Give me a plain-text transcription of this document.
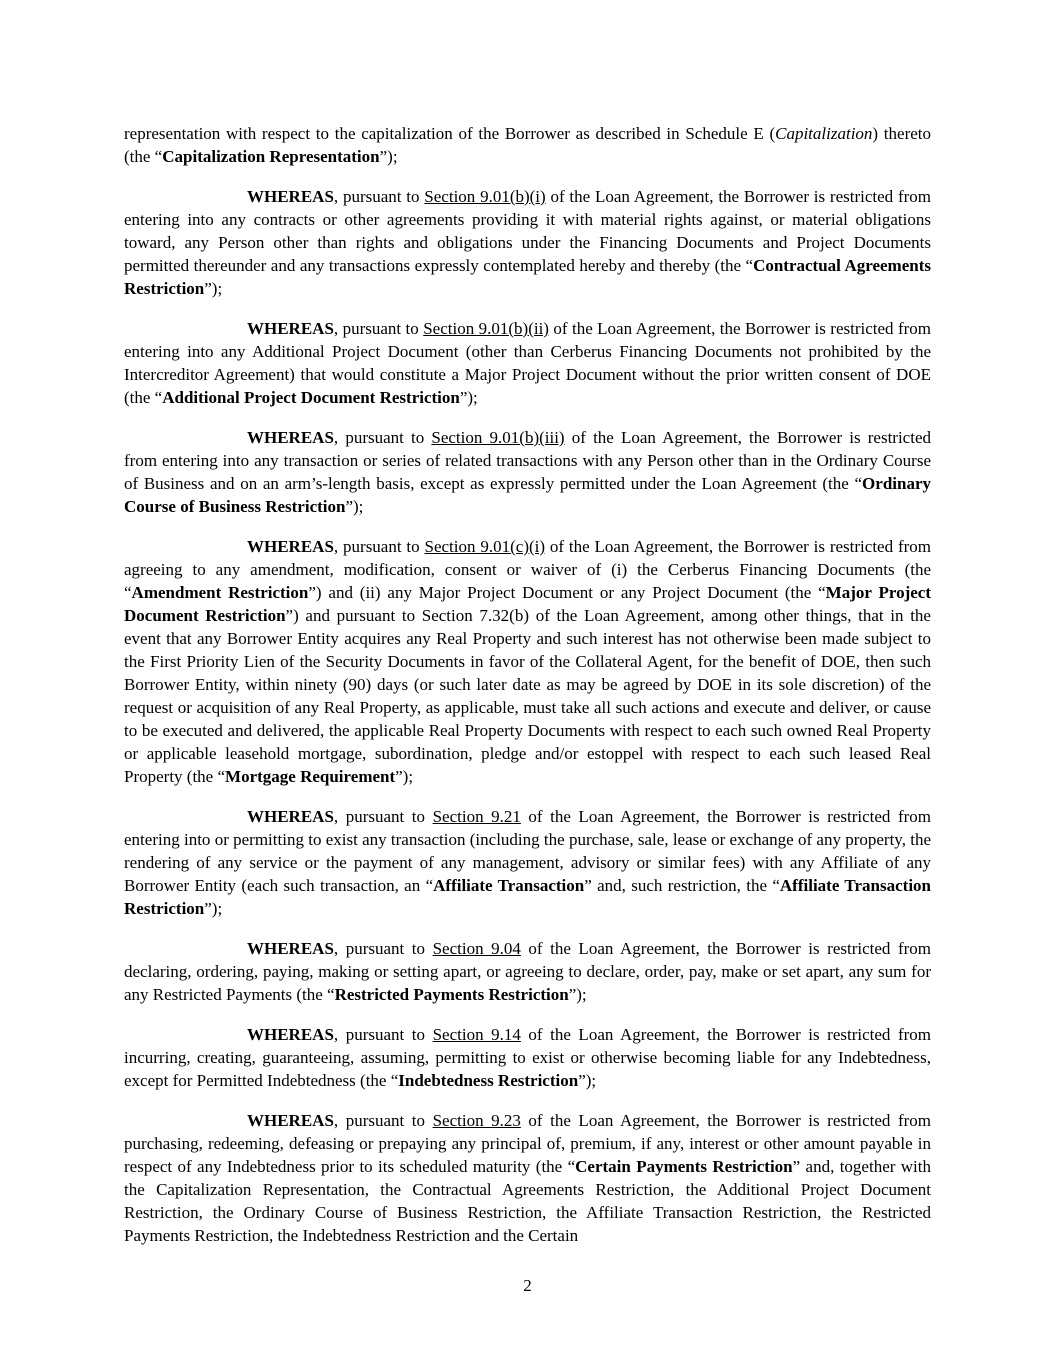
representation with respect to the capitalization of the Borrower as described in Schedule E (Capitalization) thereto (the “Capitalization Representation”);

WHEREAS, pursuant to Section 9.01(b)(i) of the Loan Agreement, the Borrower is restricted from entering into any contracts or other agreements providing it with material rights against, or material obligations toward, any Person other than rights and obligations under the Financing Documents and Project Documents permitted thereunder and any transactions expressly contemplated hereby and thereby (the “Contractual Agreements Restriction”);

WHEREAS, pursuant to Section 9.01(b)(ii) of the Loan Agreement, the Borrower is restricted from entering into any Additional Project Document (other than Cerberus Financing Documents not prohibited by the Intercreditor Agreement) that would constitute a Major Project Document without the prior written consent of DOE (the “Additional Project Document Restriction”);

WHEREAS, pursuant to Section 9.01(b)(iii) of the Loan Agreement, the Borrower is restricted from entering into any transaction or series of related transactions with any Person other than in the Ordinary Course of Business and on an arm’s-length basis, except as expressly permitted under the Loan Agreement (the “Ordinary Course of Business Restriction”);

WHEREAS, pursuant to Section 9.01(c)(i) of the Loan Agreement, the Borrower is restricted from agreeing to any amendment, modification, consent or waiver of (i) the Cerberus Financing Documents (the “Amendment Restriction”) and (ii) any Major Project Document or any Project Document (the “Major Project Document Restriction”) and pursuant to Section 7.32(b) of the Loan Agreement, among other things, that in the event that any Borrower Entity acquires any Real Property and such interest has not otherwise been made subject to the First Priority Lien of the Security Documents in favor of the Collateral Agent, for the benefit of DOE, then such Borrower Entity, within ninety (90) days (or such later date as may be agreed by DOE in its sole discretion) of the request or acquisition of any Real Property, as applicable, must take all such actions and execute and deliver, or cause to be executed and delivered, the applicable Real Property Documents with respect to each such owned Real Property or applicable leasehold mortgage, subordination, pledge and/or estoppel with respect to each such leased Real Property (the “Mortgage Requirement”);

WHEREAS, pursuant to Section 9.21 of the Loan Agreement, the Borrower is restricted from entering into or permitting to exist any transaction (including the purchase, sale, lease or exchange of any property, the rendering of any service or the payment of any management, advisory or similar fees) with any Affiliate of any Borrower Entity (each such transaction, an “Affiliate Transaction” and, such restriction, the “Affiliate Transaction Restriction”);

WHEREAS, pursuant to Section 9.04 of the Loan Agreement, the Borrower is restricted from declaring, ordering, paying, making or setting apart, or agreeing to declare, order, pay, make or set apart, any sum for any Restricted Payments (the “Restricted Payments Restriction”);

WHEREAS, pursuant to Section 9.14 of the Loan Agreement, the Borrower is restricted from incurring, creating, guaranteeing, assuming, permitting to exist or otherwise becoming liable for any Indebtedness, except for Permitted Indebtedness (the “Indebtedness Restriction”);

WHEREAS, pursuant to Section 9.23 of the Loan Agreement, the Borrower is restricted from purchasing, redeeming, defeasing or prepaying any principal of, premium, if any, interest or other amount payable in respect of any Indebtedness prior to its scheduled maturity (the “Certain Payments Restriction” and, together with the Capitalization Representation, the Contractual Agreements Restriction, the Additional Project Document Restriction, the Ordinary Course of Business Restriction, the Affiliate Transaction Restriction, the Restricted Payments Restriction, the Indebtedness Restriction and the Certain

2
